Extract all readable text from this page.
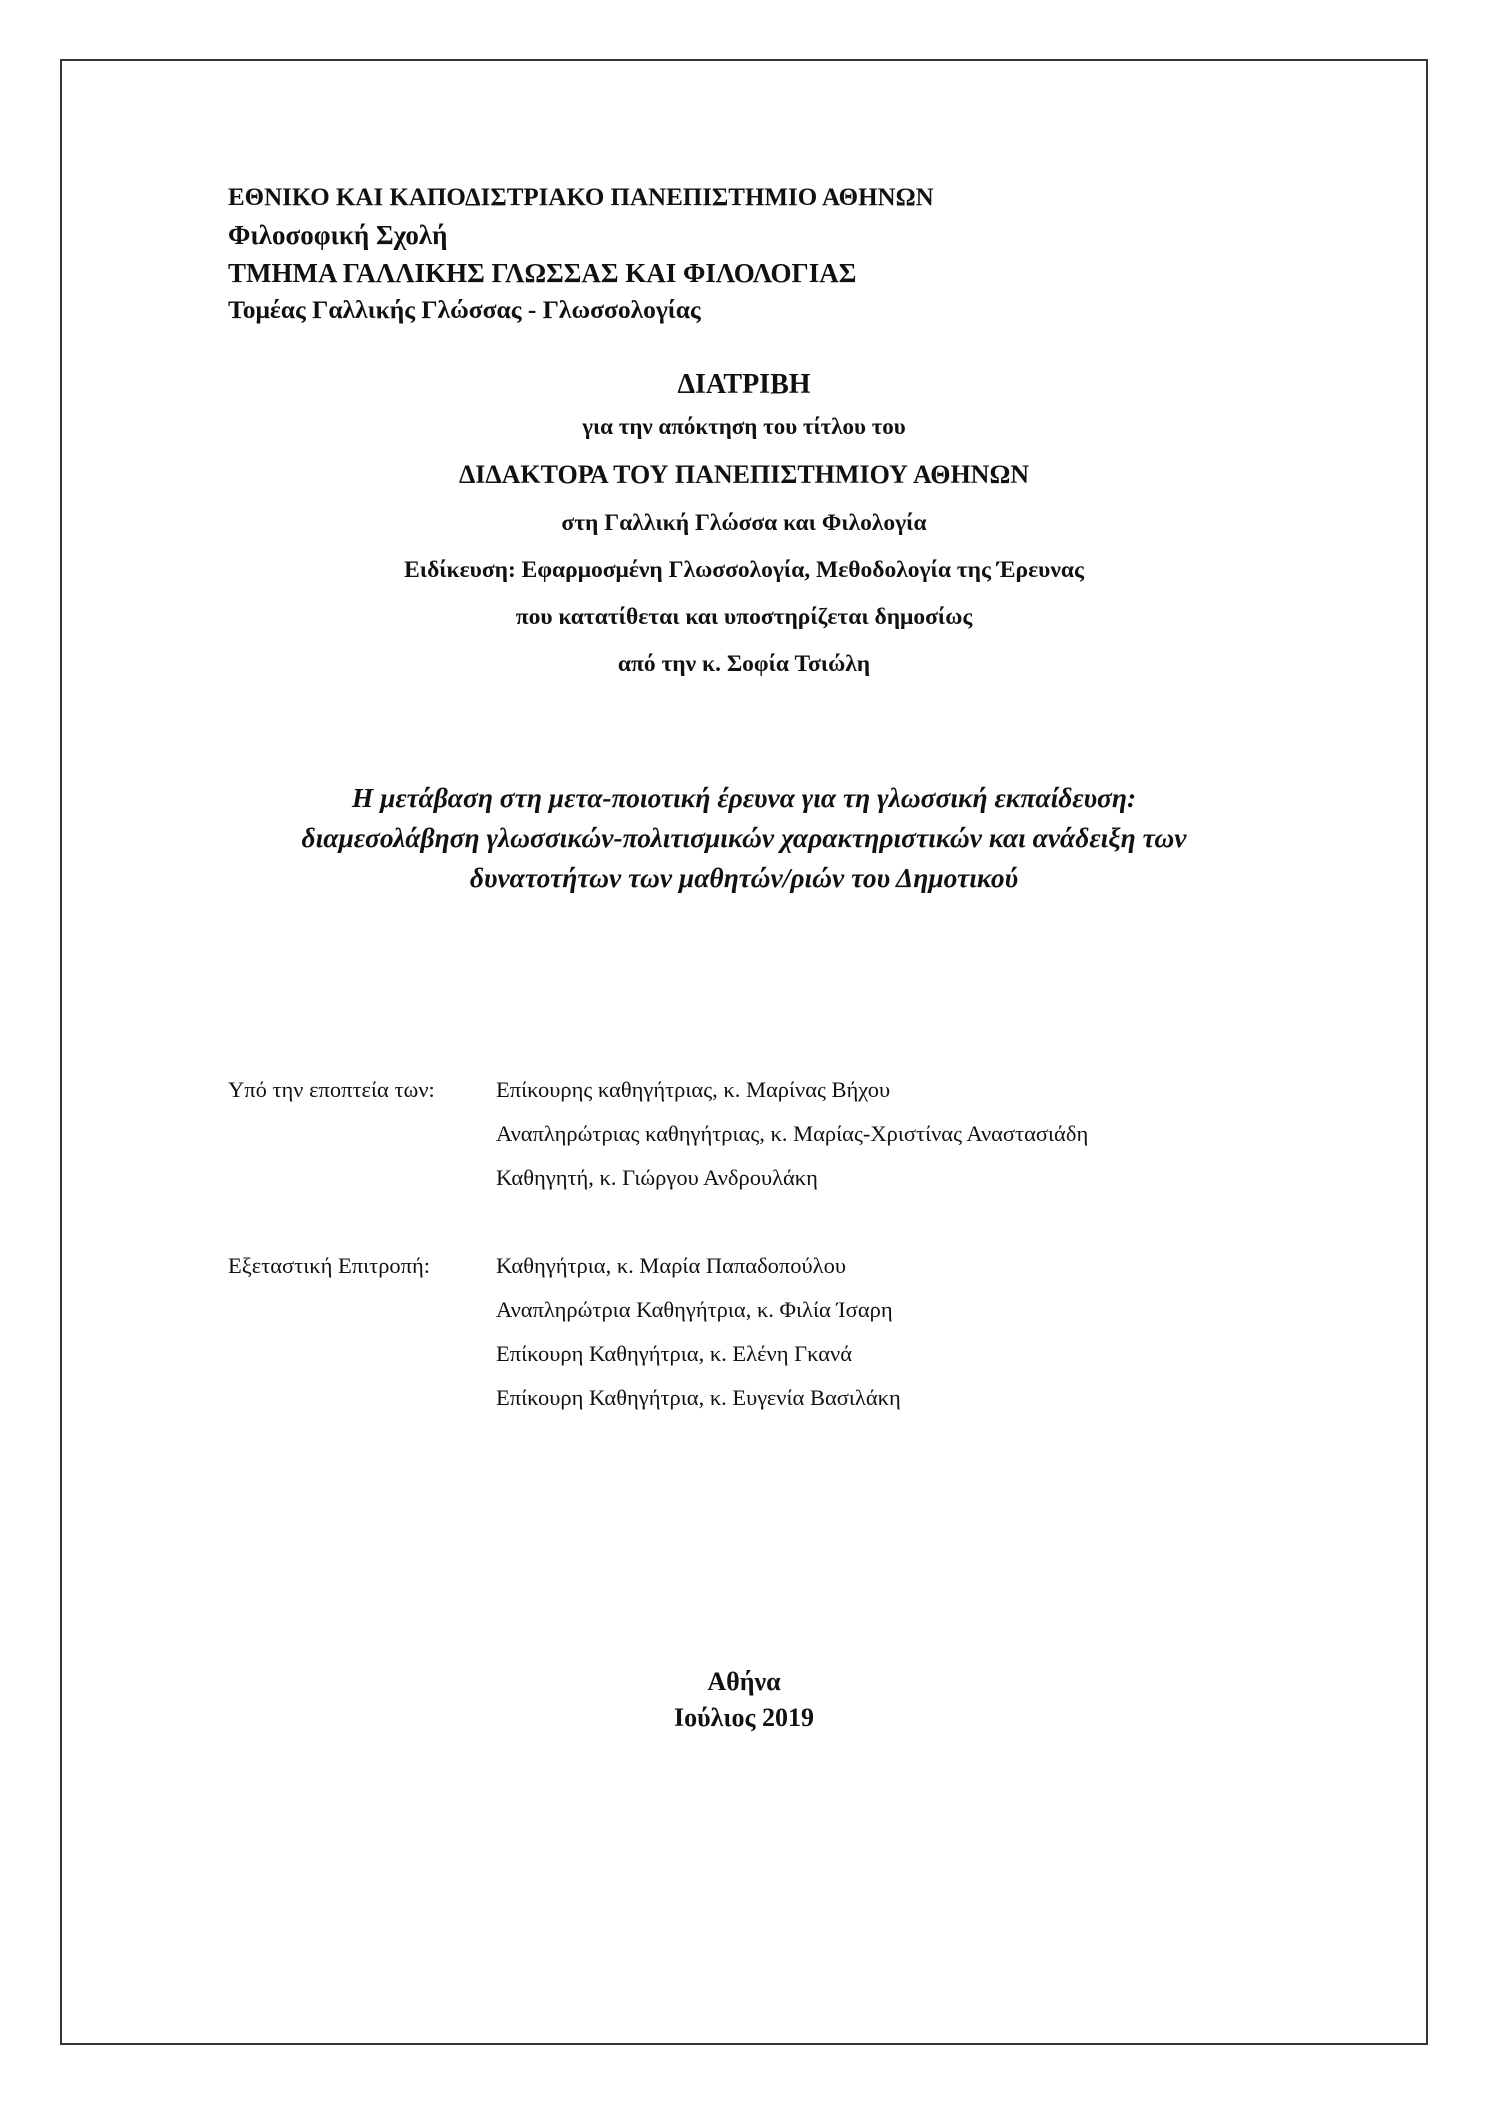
ΕΘΝΙΚΟ ΚΑΙ ΚΑΠΟΔΙΣΤΡΙΑΚΟ ΠΑΝΕΠΙΣΤΗΜΙΟ ΑΘΗΝΩΝ
Φιλοσοφική Σχολή
ΤΜΗΜΑ ΓΑΛΛΙΚΗΣ ΓΛΩΣΣΑΣ ΚΑΙ ΦΙΛΟΛΟΓΙΑΣ
Τομέας Γαλλικής Γλώσσας - Γλωσσολογίας
ΔΙΑΤΡΙΒΗ
για την απόκτηση του τίτλου του
ΔΙΔΑΚΤΟΡΑ ΤΟΥ ΠΑΝΕΠΙΣΤΗΜΙΟΥ ΑΘΗΝΩΝ
στη Γαλλική Γλώσσα και Φιλολογία
Ειδίκευση: Εφαρμοσμένη Γλωσσολογία, Μεθοδολογία της Έρευνας
που κατατίθεται και υποστηρίζεται δημοσίως
από την κ. Σοφία Τσιώλη
Η μετάβαση στη μετα-ποιοτική έρευνα για τη γλωσσική εκπαίδευση:
διαμεσολάβηση γλωσσικών-πολιτισμικών χαρακτηριστικών και ανάδειξη των
δυνατοτήτων των μαθητών/ριών του Δημοτικού
Υπό την εποπτεία των:	Επίκουρης καθηγήτριας, κ. Μαρίνας Βήχου
Αναπληρώτριας καθηγήτριας, κ. Μαρίας-Χριστίνας Αναστασιάδη
Καθηγητή, κ. Γιώργου Ανδρουλάκη
Εξεταστική Επιτροπή:	Καθηγήτρια, κ. Μαρία Παπαδοπούλου
Αναπληρώτρια Καθηγήτρια, κ. Φιλία Ίσαρη
Επίκουρη Καθηγήτρια, κ. Ελένη Γκανά
Επίκουρη Καθηγήτρια, κ. Ευγενία Βασιλάκη
Αθήνα
Ιούλιος 2019
